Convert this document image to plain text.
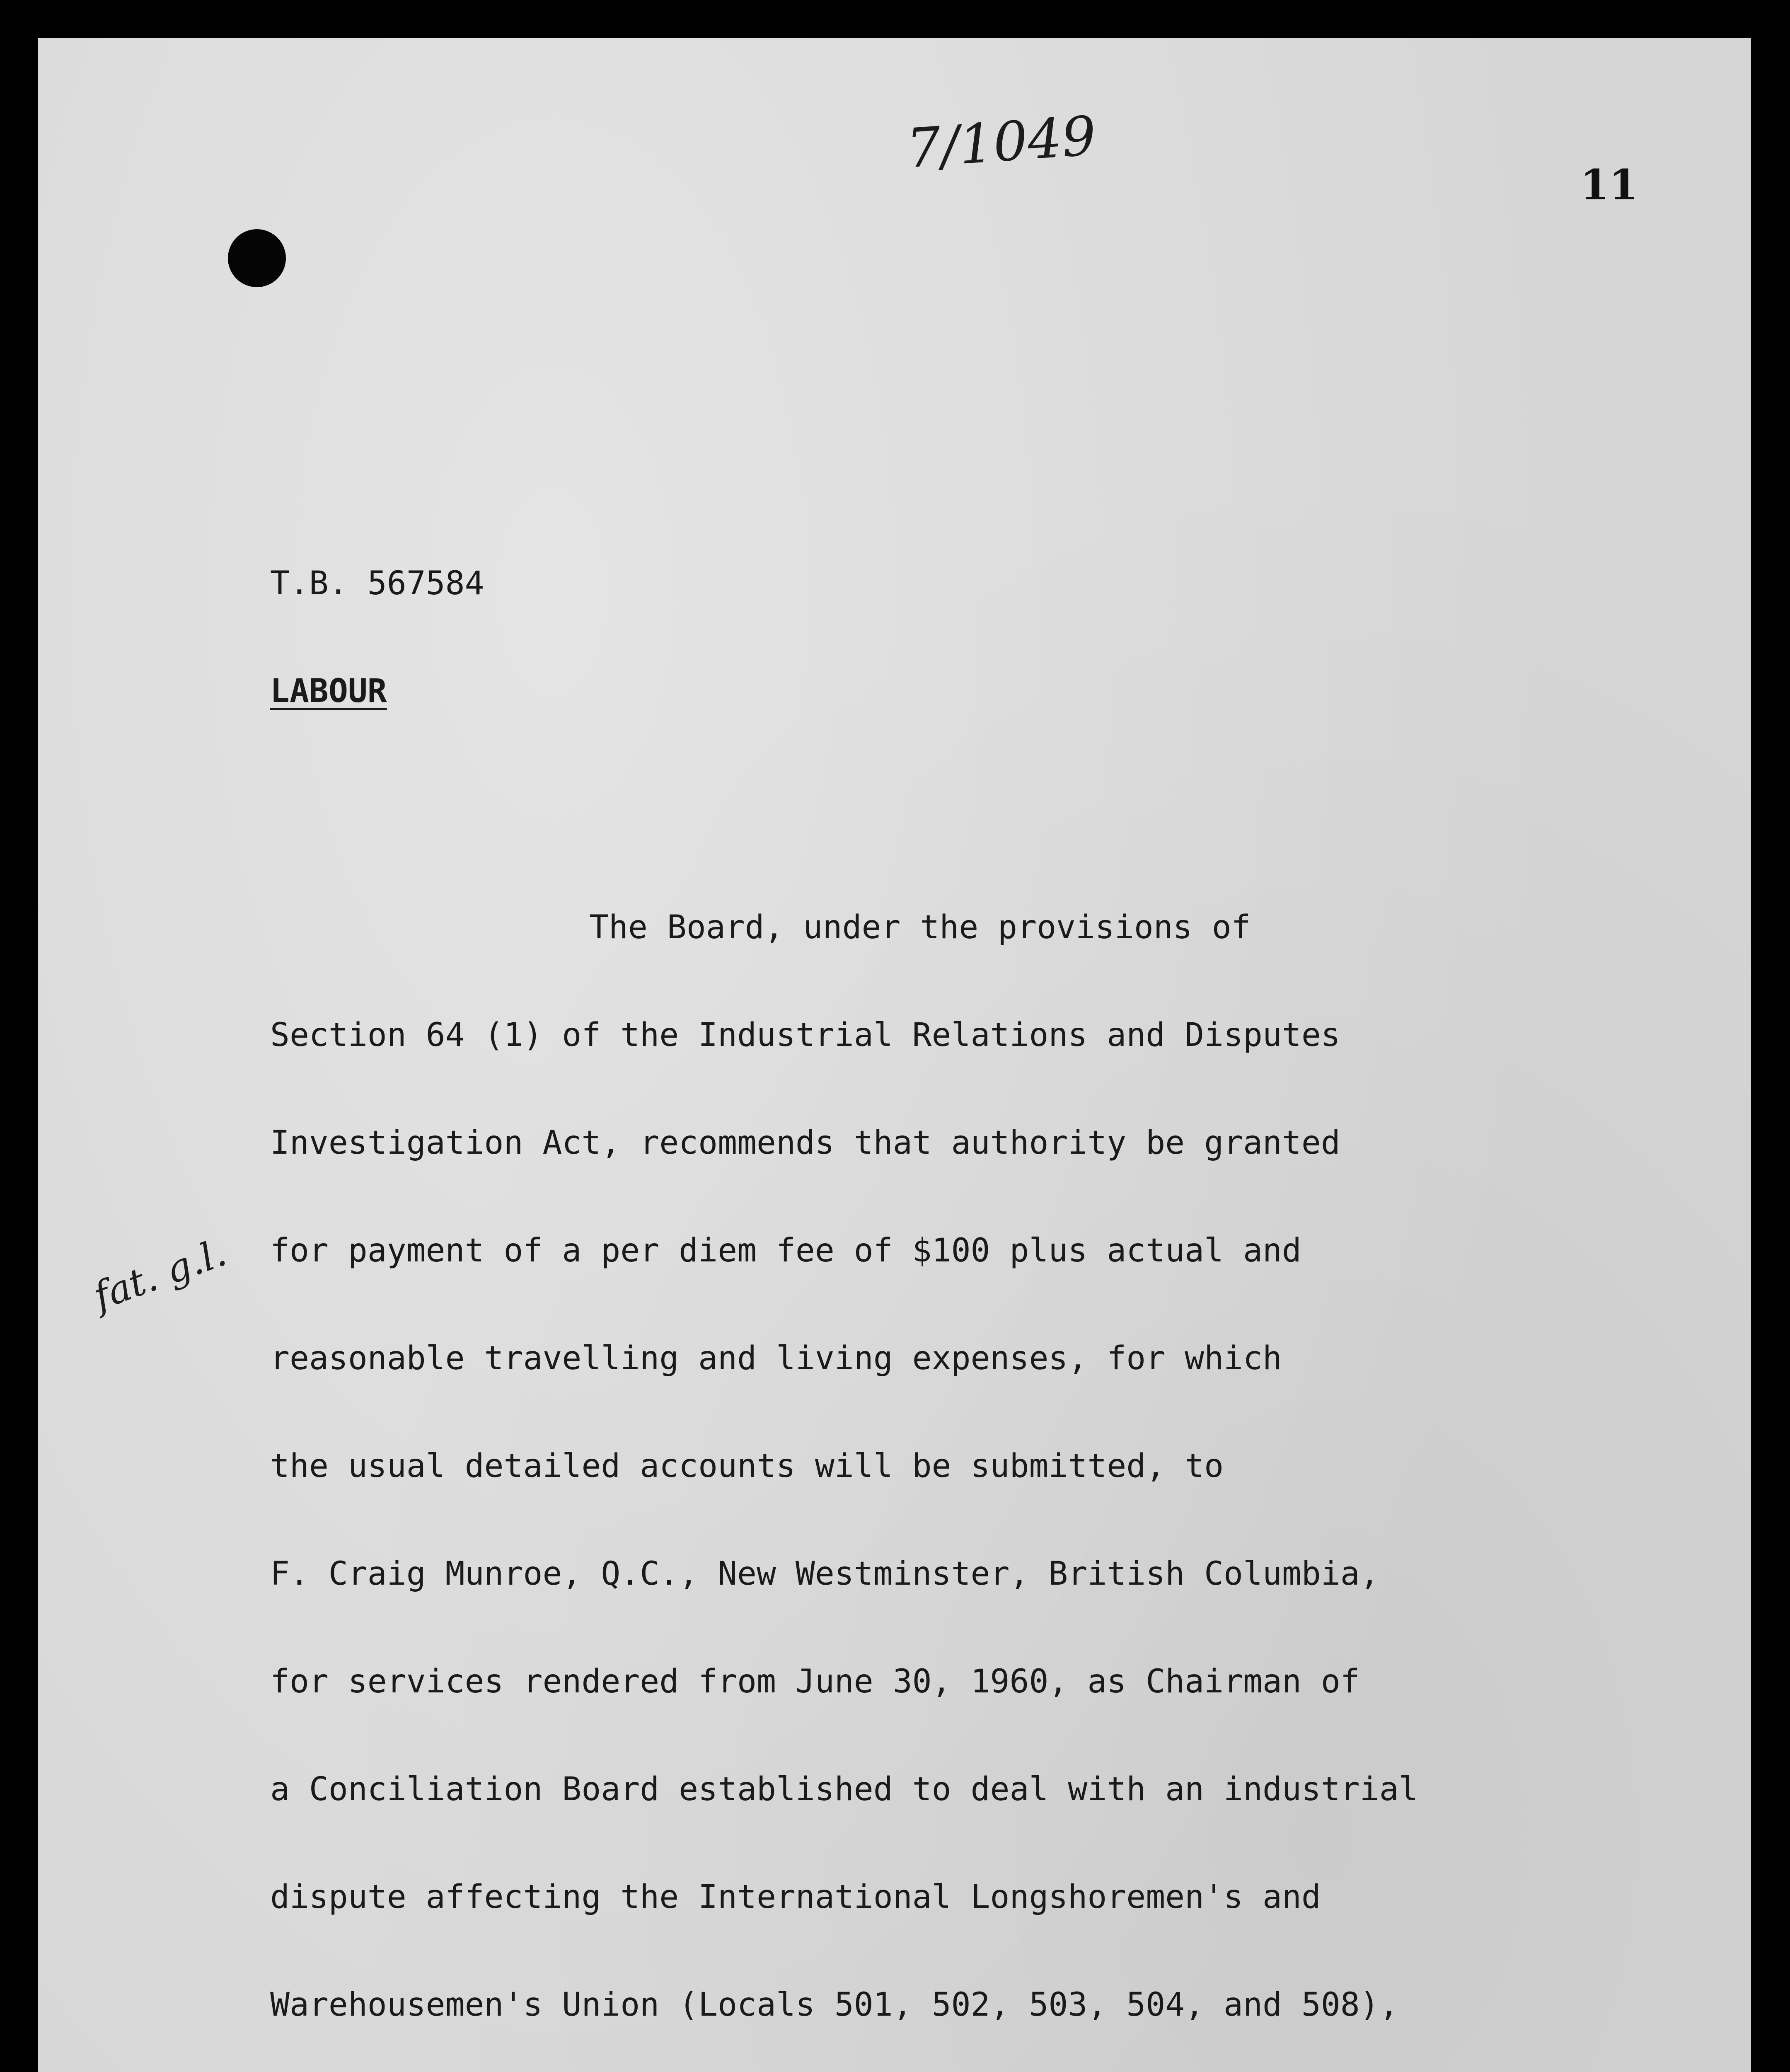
7/1049
11
T.B. 567584
LABOUR
fat. g.l.
The Board, under the provisions of
Section 64 (1) of the Industrial Relations and Disputes
Investigation Act, recommends that authority be granted
for payment of a per diem fee of $100 plus actual and
reasonable travelling and living expenses, for which
the usual detailed accounts will be submitted, to
F. Craig Munroe, Q.C., New Westminster, British Columbia,
for services rendered from June 30, 1960, as Chairman of
a Conciliation Board established to deal with an industrial
dispute affecting the International Longshoremen's and
Warehousemen's Union (Locals 501, 502, 503, 504, and 508),
